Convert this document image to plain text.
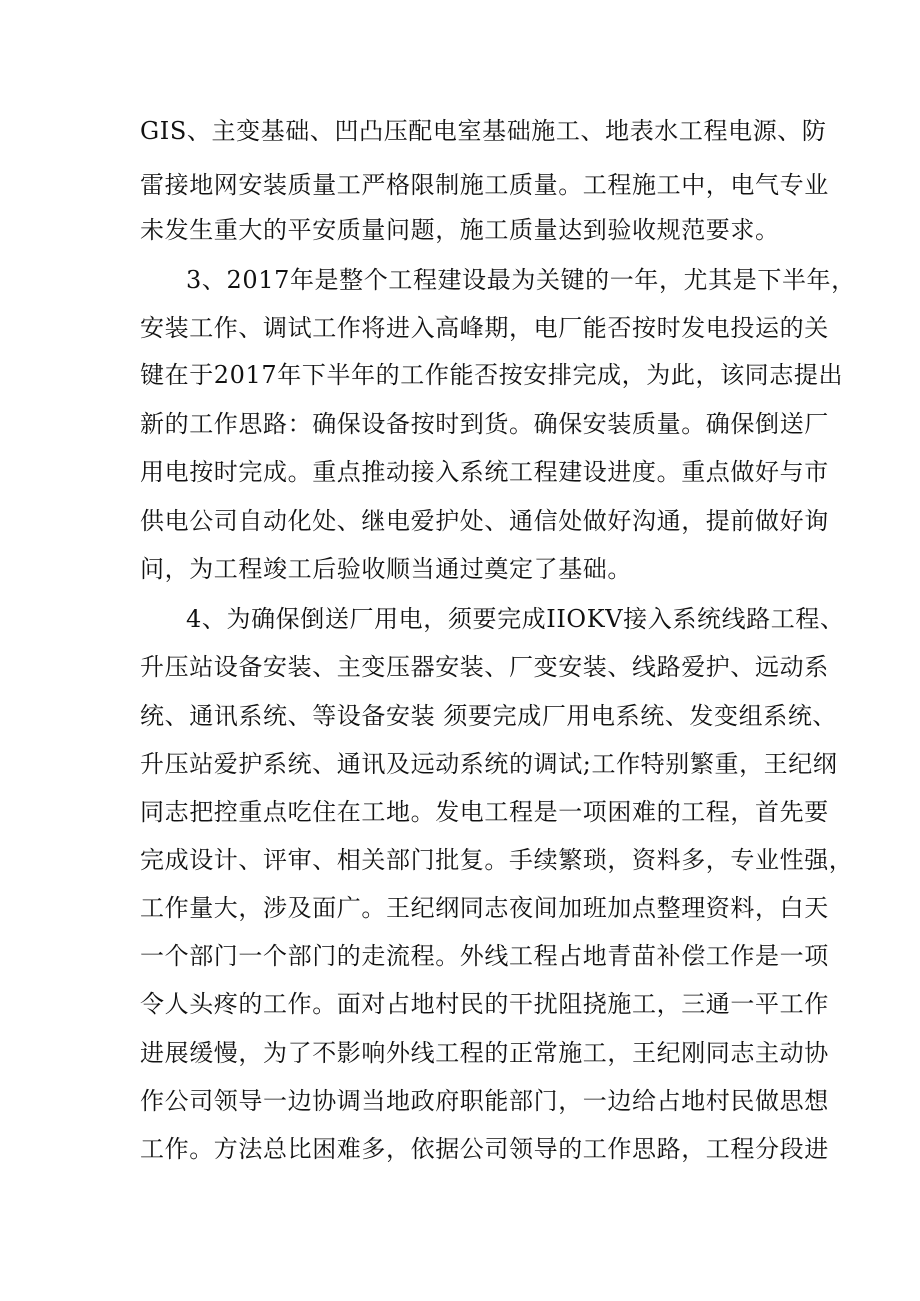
GIS、主变基础、凹凸压配电室基础施工、地表水工程电源、防
雷接地网安装质量工严格限制施工质量。工程施工中，电气专业
未发生重大的平安质量问题，施工质量达到验收规范要求。
3、2017年是整个工程建设最为关键的一年，尤其是下半年，
安装工作、调试工作将进入高峰期，电厂能否按时发电投运的关
键在于2017年下半年的工作能否按安排完成，为此，该同志提出
新的工作思路：确保设备按时到货。确保安装质量。确保倒送厂
用电按时完成。重点推动接入系统工程建设进度。重点做好与市
供电公司自动化处、继电爱护处、通信处做好沟通，提前做好询
问，为工程竣工后验收顺当通过奠定了基础。
4、为确保倒送厂用电，须要完成IIOKV接入系统线路工程、
升压站设备安装、主变压器安装、厂变安装、线路爱护、远动系
统、通讯系统、等设备安装 须要完成厂用电系统、发变组系统、
升压站爱护系统、通讯及远动系统的调试;工作特别繁重，王纪纲
同志把控重点吃住在工地。发电工程是一项困难的工程，首先要
完成设计、评审、相关部门批复。手续繁琐，资料多，专业性强，
工作量大，涉及面广。王纪纲同志夜间加班加点整理资料，白天
一个部门一个部门的走流程。外线工程占地青苗补偿工作是一项
令人头疼的工作。面对占地村民的干扰阻挠施工，三通一平工作
进展缓慢，为了不影响外线工程的正常施工，王纪刚同志主动协
作公司领导一边协调当地政府职能部门，一边给占地村民做思想
工作。方法总比困难多，依据公司领导的工作思路，工程分段进
